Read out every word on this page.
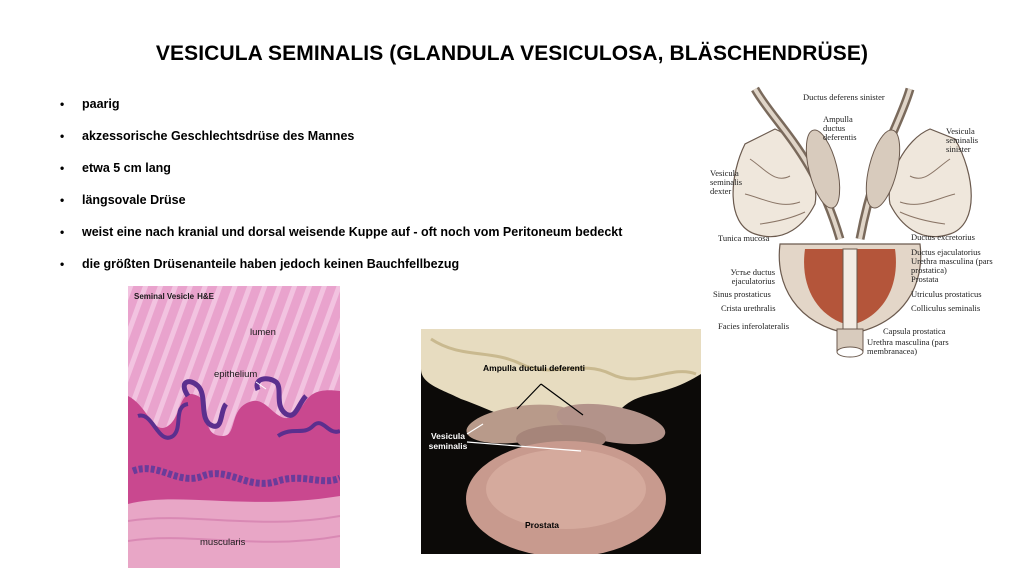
VESICULA SEMINALIS (GLANDULA VESICULOSA, BLÄSCHENDRÜSE)
• paarig
• akzessorische Geschlechtsdrüse des Mannes
• etwa 5 cm lang
• längsovale Drüse
• weist eine nach kranial und dorsal weisende Kuppe auf - oft noch vom Peritoneum bedeckt
• die größten Drüsenanteile haben jedoch keinen Bauchfellbezug
Seminal Vesicle H&E
lumen
epithelium
muscularis
Ampulla ductuli deferenti
Vesicula seminalis
Prostata
Ductus deferens sinister
Ampulla ductus deferentis
Vesicula seminalis sinister
Vesicula seminalis dexter
Tunica mucosa	Ductus excretorius
Ductus ejaculatorius
Urethra masculina (pars prostatica)
Устье ductus ejaculatorius	Prostata
Sinus prostaticus	Utriculus prostaticus
Crista urethralis	Colliculus seminalis
Facies inferolateralis	Capsula prostatica
Urethra masculina (pars membranacea)
